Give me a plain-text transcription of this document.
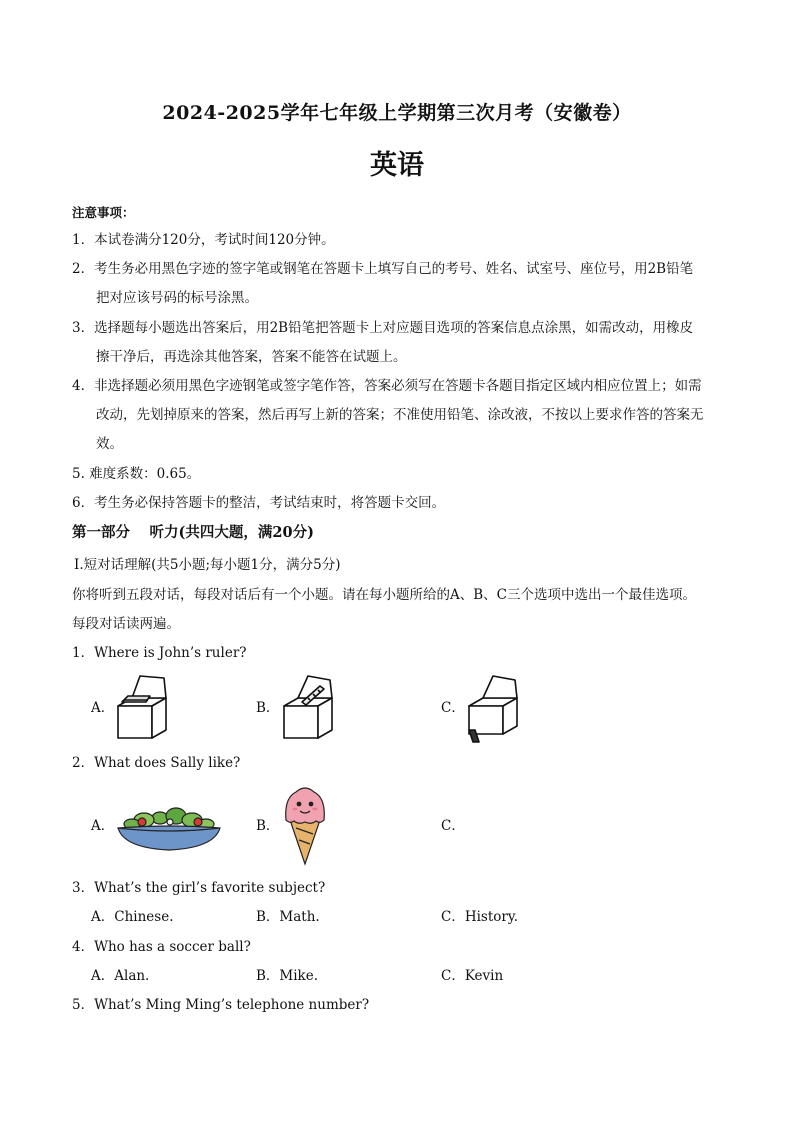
2024-2025学年七年级上学期第三次月考（安徽卷）
英语
注意事项：
1．本试卷满分120分，考试时间120分钟。
2．考生务必用黑色字迹的签字笔或钢笔在答题卡上填写自己的考号、姓名、试室号、座位号，用2B铅笔
把对应该号码的标号涂黑。
3．选择题每小题选出答案后，用2B铅笔把答题卡上对应题目选项的答案信息点涂黑，如需改动，用橡皮
擦干净后，再选涂其他答案，答案不能答在试题上。
4．非选择题必须用黑色字迹钢笔或签字笔作答，答案必须写在答题卡各题目指定区域内相应位置上；如需
改动，先划掉原来的答案，然后再写上新的答案；不准使用铅笔、涂改液，不按以上要求作答的答案无
效。
5. 难度系数：0.65。
6．考生务必保持答题卡的整洁，考试结束时，将答题卡交回。
第一部分　 听力(共四大题，满20分)
Ⅰ.短对话理解(共5小题;每小题1分，满分5分)
你将听到五段对话，每段对话后有一个小题。请在每小题所给的A、B、C三个选项中选出一个最佳选项。
每段对话读两遍。
1．Where is John’s ruler?
A．	B．	C．
2．What does Sally like?
A．	B．	C．
3．What’s the girl’s favorite subject?
A．Chinese.	B．Math.	C．History.
4．Who has a soccer ball?
A．Alan.	B．Mike.	C．Kevin
5．What’s Ming Ming’s telephone number?
